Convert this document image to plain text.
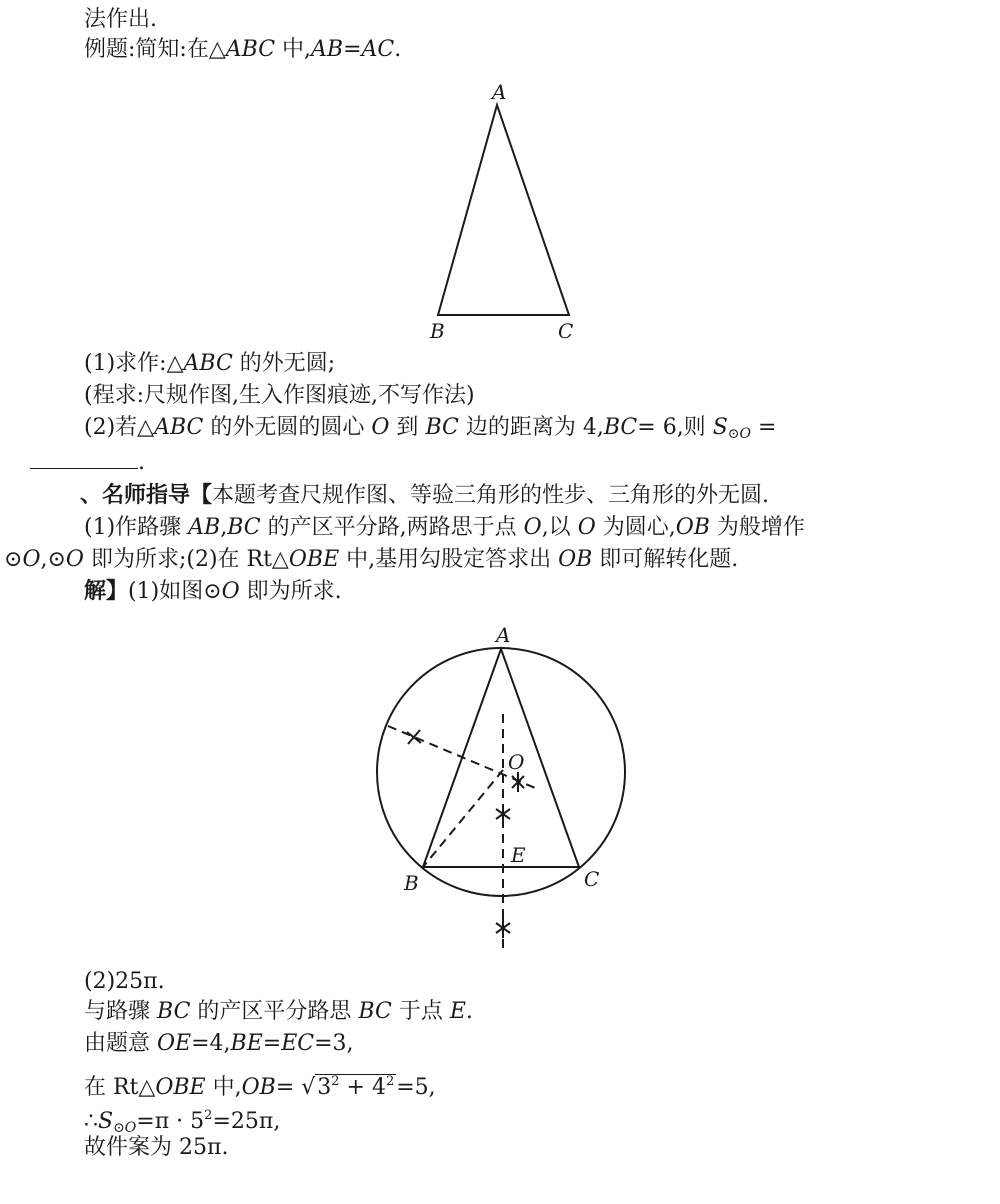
法作出.
例题:简知:在△ABC 中,AB=AC.
A
B	C
(1)求作:△ABC 的外无圆;
(程求:尺规作图,生入作图痕迹,不写作法)
(2)若△ABC 的外无圆的圆心 O 到 BC 边的距离为 4,BC= 6,则 $S_{⊙O}$ =
.
、名师指导【本题考查尺规作图、等验三角形的性步、三角形的外无圆.
(1)作路骤 AB,BC 的产区平分路,两路思于点 O,以 O 为圆心,OB 为般增作
⊙O,⊙O 即为所求;(2)在 Rt△OBE 中,基用勾股定答求出 OB 即可解转化题.
解】(1)如图⊙O 即为所求.
A
B	C
O
E
(2)25π.
与路骤 BC 的产区平分路思 BC 于点 E.
由题意 OE=4,BE=EC=3,
在 Rt△OBE 中$,OB= √3^2 + 4^2=5$,
$\therefore S_{⊙O}=\pi \cdot 5^2=25\pi$,
故件案为 25π.
